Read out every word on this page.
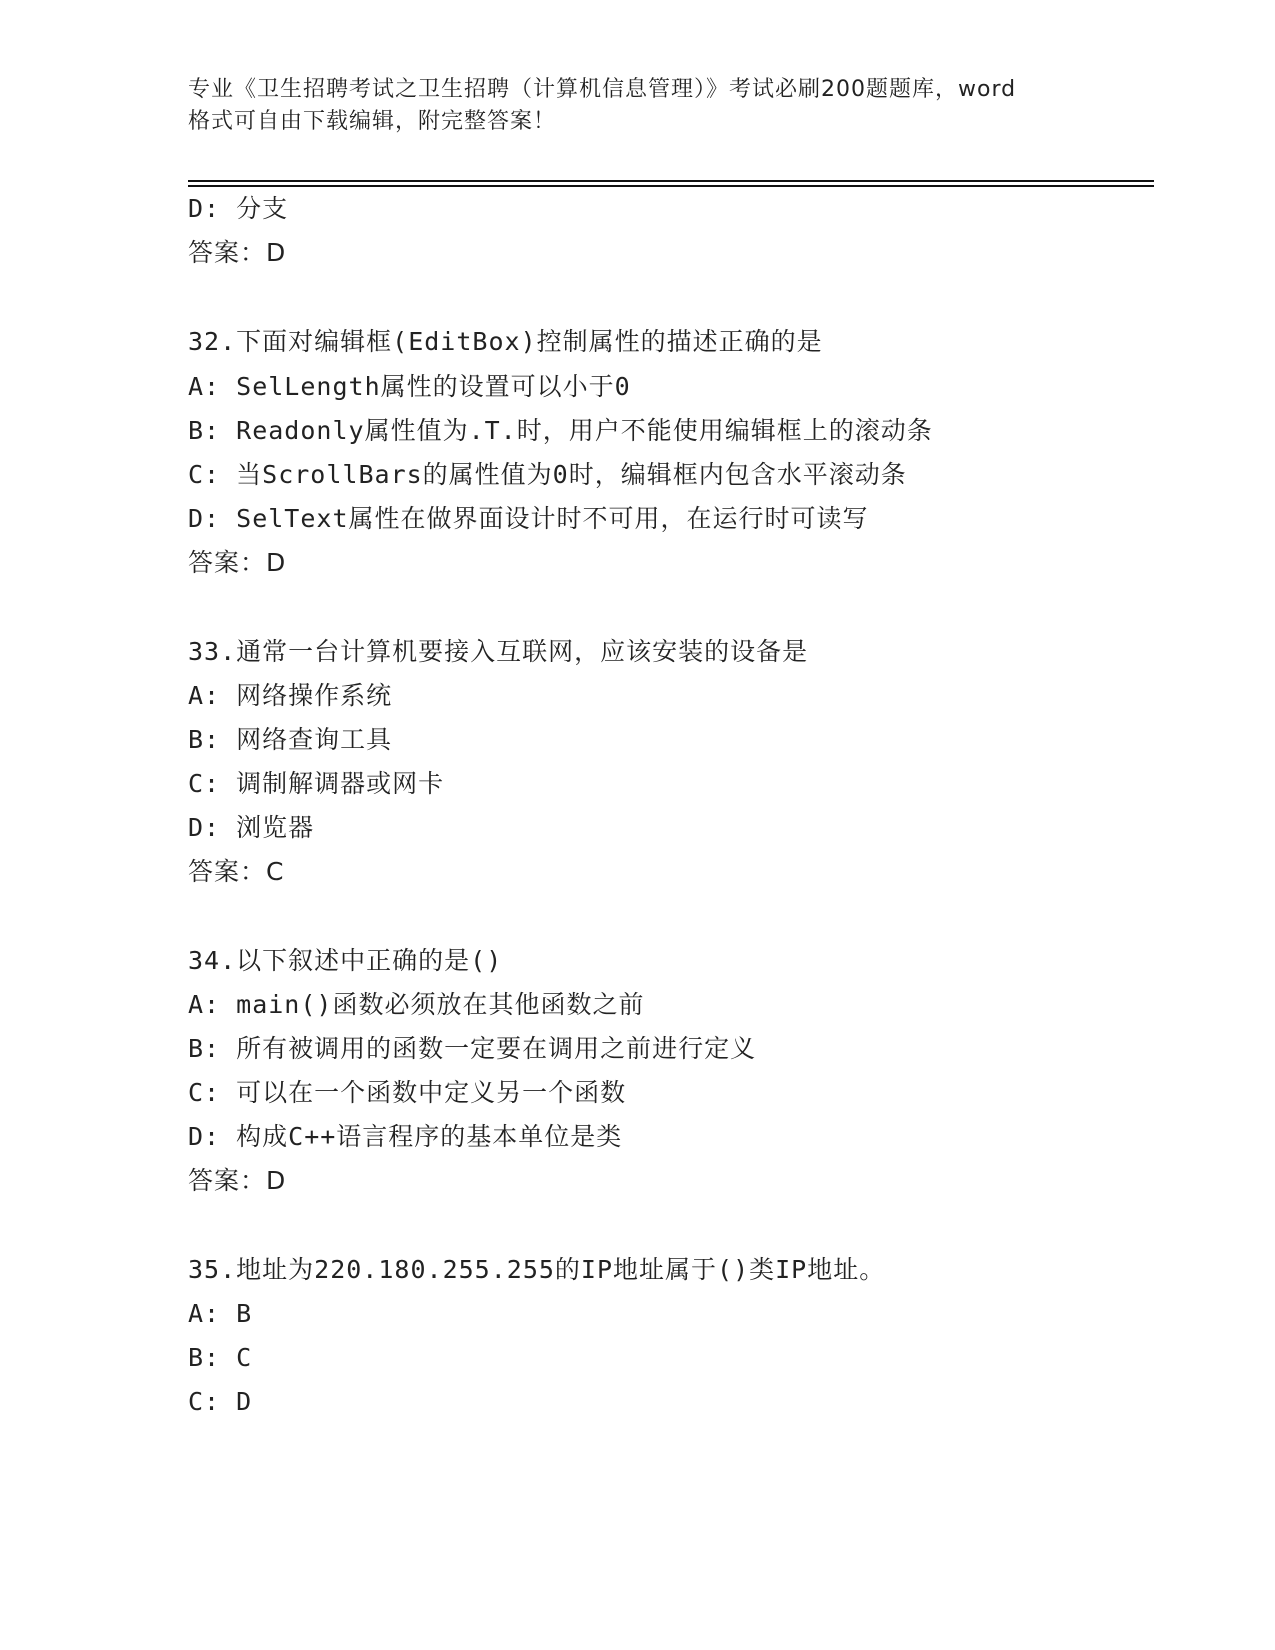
专业《卫生招聘考试之卫生招聘（计算机信息管理）》考试必刷200题题库，word
格式可自由下载编辑，附完整答案！
D: 分支
答案：D
32.下面对编辑框(EditBox)控制属性的描述正确的是
A: SelLength属性的设置可以小于0
B: Readonly属性值为.T.时，用户不能使用编辑框上的滚动条
C: 当ScrollBars的属性值为0时，编辑框内包含水平滚动条
D: SelText属性在做界面设计时不可用，在运行时可读写
答案：D
33.通常一台计算机要接入互联网，应该安装的设备是
A: 网络操作系统
B: 网络查询工具
C: 调制解调器或网卡
D: 浏览器
答案：C
34.以下叙述中正确的是()
A: main()函数必须放在其他函数之前
B: 所有被调用的函数一定要在调用之前进行定义
C: 可以在一个函数中定义另一个函数
D: 构成C++语言程序的基本单位是类
答案：D
35.地址为220.180.255.255的IP地址属于()类IP地址。
A: B
B: C
C: D
